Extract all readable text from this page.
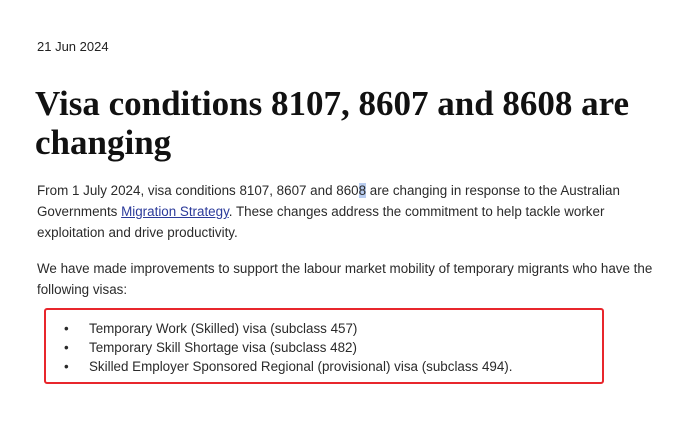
21 Jun 2024
Visa conditions 8107, 8607 and 8608 are changing

From 1 July 2024, visa conditions 8107, 8607 and 8608 are changing in response to the Australian Governments Migration Strategy. These changes address the commitment to help tackle worker exploitation and drive productivity.

We have made improvements to support the labour market mobility of temporary migrants who have the following visas:

• Temporary Work (Skilled) visa (subclass 457)
• Temporary Skill Shortage visa (subclass 482)
• Skilled Employer Sponsored Regional (provisional) visa (subclass 494).
